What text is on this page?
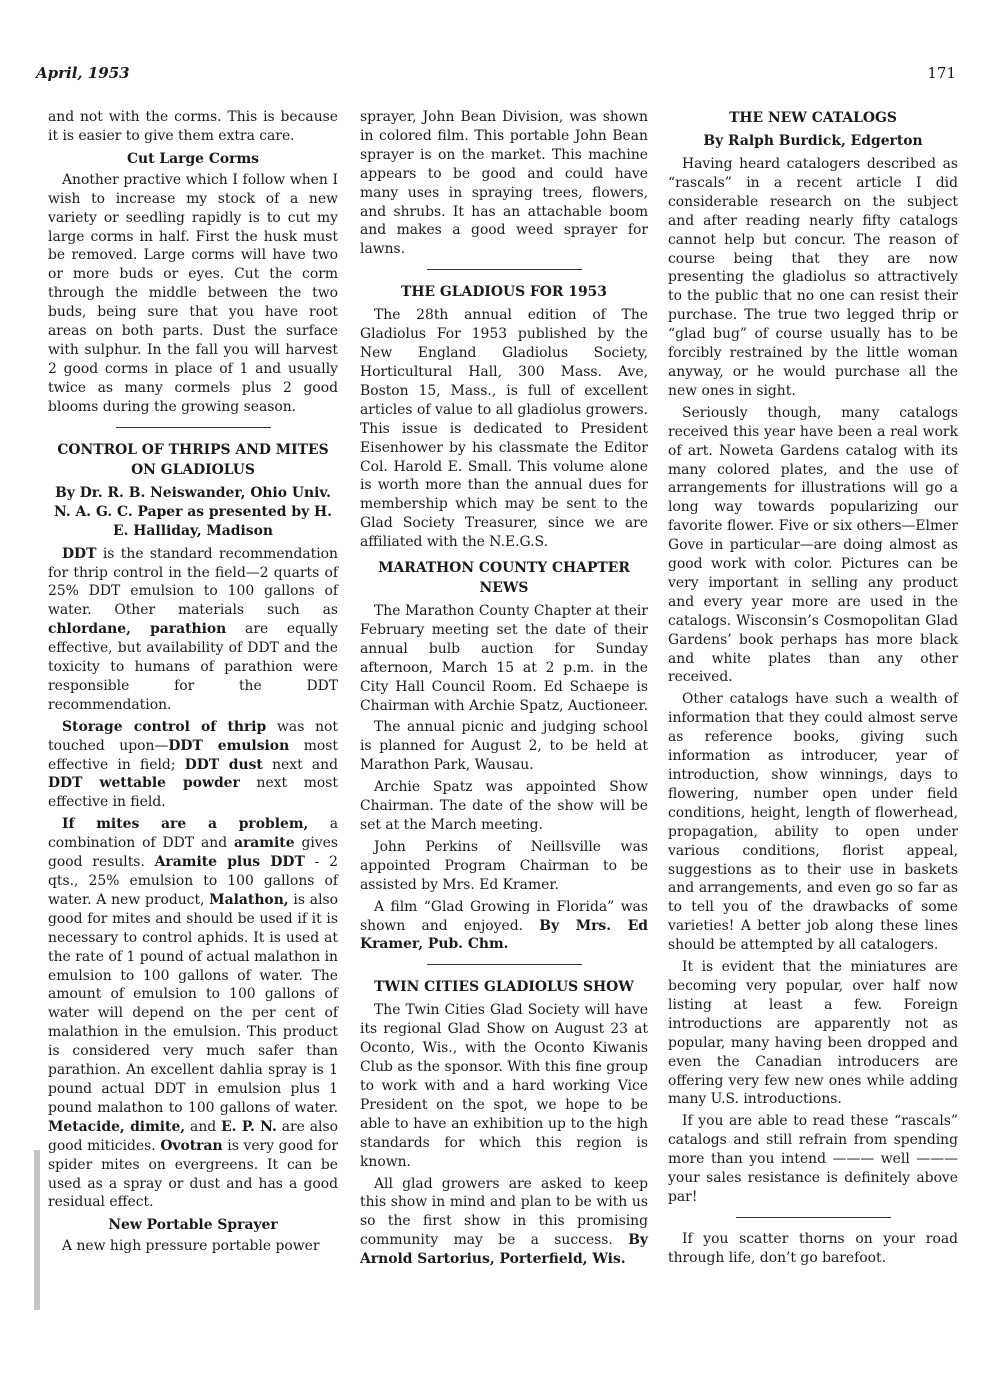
April, 1953	171

and not with the corms. This is because it is easier to give them extra care.

Cut Large Corms

Another practive which I follow when I wish to increase my stock of a new variety or seedling rapidly is to cut my large corms in half. First the husk must be removed. Large corms will have two or more buds or eyes. Cut the corm through the middle between the two buds, being sure that you have root areas on both parts. Dust the surface with sulphur. In the fall you will harvest 2 good corms in place of 1 and usually twice as many cormels plus 2 good blooms during the growing season.

CONTROL OF THRIPS AND MITES ON GLADIOLUS
By Dr. R. B. Neiswander, Ohio Univ. N. A. G. C. Paper as presented by H. E. Halliday, Madison

DDT is the standard recommendation for thrip control in the field—2 quarts of 25% DDT emulsion to 100 gallons of water. Other materials such as chlordane, parathion are equally effective, but availability of DDT and the toxicity to humans of parathion were responsible for the DDT recommendation.

Storage control of thrip was not touched upon—DDT emulsion most effective in field; DDT dust next and DDT wettable powder next most effective in field.

If mites are a problem, a combination of DDT and aramite gives good results. Aramite plus DDT - 2 qts., 25% emulsion to 100 gallons of water. A new product, Malathon, is also good for mites and should be used if it is necessary to control aphids. It is used at the rate of 1 pound of actual malathon in emulsion to 100 gallons of water. The amount of emulsion to 100 gallons of water will depend on the per cent of malathion in the emulsion. This product is considered very much safer than parathion. An excellent dahlia spray is 1 pound actual DDT in emulsion plus 1 pound malathon to 100 gallons of water. Metacide, dimite, and E. P. N. are also good miticides. Ovotran is very good for spider mites on evergreens. It can be used as a spray or dust and has a good residual effect.

New Portable Sprayer

A new high pressure portable power

sprayer, John Bean Division, was shown in colored film. This portable John Bean sprayer is on the market. This machine appears to be good and could have many uses in spraying trees, flowers, and shrubs. It has an attachable boom and makes a good weed sprayer for lawns.

THE GLADIOUS FOR 1953

The 28th annual edition of The Gladiolus For 1953 published by the New England Gladiolus Society, Horticultural Hall, 300 Mass. Ave, Boston 15, Mass., is full of excellent articles of value to all gladiolus growers. This issue is dedicated to President Eisenhower by his classmate the Editor Col. Harold E. Small. This volume alone is worth more than the annual dues for membership which may be sent to the Glad Society Treasurer, since we are affiliated with the N.E.G.S.

MARATHON COUNTY CHAPTER NEWS

The Marathon County Chapter at their February meeting set the date of their annual bulb auction for Sunday afternoon, March 15 at 2 p.m. in the City Hall Council Room. Ed Schaepe is Chairman with Archie Spatz, Auctioneer.

The annual picnic and judging school is planned for August 2, to be held at Marathon Park, Wausau.

Archie Spatz was appointed Show Chairman. The date of the show will be set at the March meeting.

John Perkins of Neillsville was appointed Program Chairman to be assisted by Mrs. Ed Kramer.

A film “Glad Growing in Florida” was shown and enjoyed. By Mrs. Ed Kramer, Pub. Chm.

TWIN CITIES GLADIOLUS SHOW

The Twin Cities Glad Society will have its regional Glad Show on August 23 at Oconto, Wis., with the Oconto Kiwanis Club as the sponsor. With this fine group to work with and a hard working Vice President on the spot, we hope to be able to have an exhibition up to the high standards for which this region is known.

All glad growers are asked to keep this show in mind and plan to be with us so the first show in this promising community may be a success. By Arnold Sartorius, Porterfield, Wis.

THE NEW CATALOGS
By Ralph Burdick, Edgerton

Having heard catalogers described as “rascals” in a recent article I did considerable research on the subject and after reading nearly fifty catalogs cannot help but concur. The reason of course being that they are now presenting the gladiolus so attractively to the public that no one can resist their purchase. The true two legged thrip or “glad bug” of course usually has to be forcibly restrained by the little woman anyway, or he would purchase all the new ones in sight.

Seriously though, many catalogs received this year have been a real work of art. Noweta Gardens catalog with its many colored plates, and the use of arrangements for illustrations will go a long way towards popularizing our favorite flower. Five or six others—Elmer Gove in particular—are doing almost as good work with color. Pictures can be very important in selling any product and every year more are used in the catalogs. Wisconsin’s Cosmopolitan Glad Gardens’ book perhaps has more black and white plates than any other received.

Other catalogs have such a wealth of information that they could almost serve as reference books, giving such information as introducer, year of introduction, show winnings, days to flowering, number open under field conditions, height, length of flowerhead, propagation, ability to open under various conditions, florist appeal, suggestions as to their use in baskets and arrangements, and even go so far as to tell you of the drawbacks of some varieties! A better job along these lines should be attempted by all catalogers.

It is evident that the miniatures are becoming very popular, over half now listing at least a few. Foreign introductions are apparently not as popular, many having been dropped and even the Canadian introducers are offering very few new ones while adding many U.S. introductions.

If you are able to read these “rascals” catalogs and still refrain from spending more than you intend ——— well ——— your sales resistance is definitely above par!

If you scatter thorns on your road through life, don’t go barefoot.
